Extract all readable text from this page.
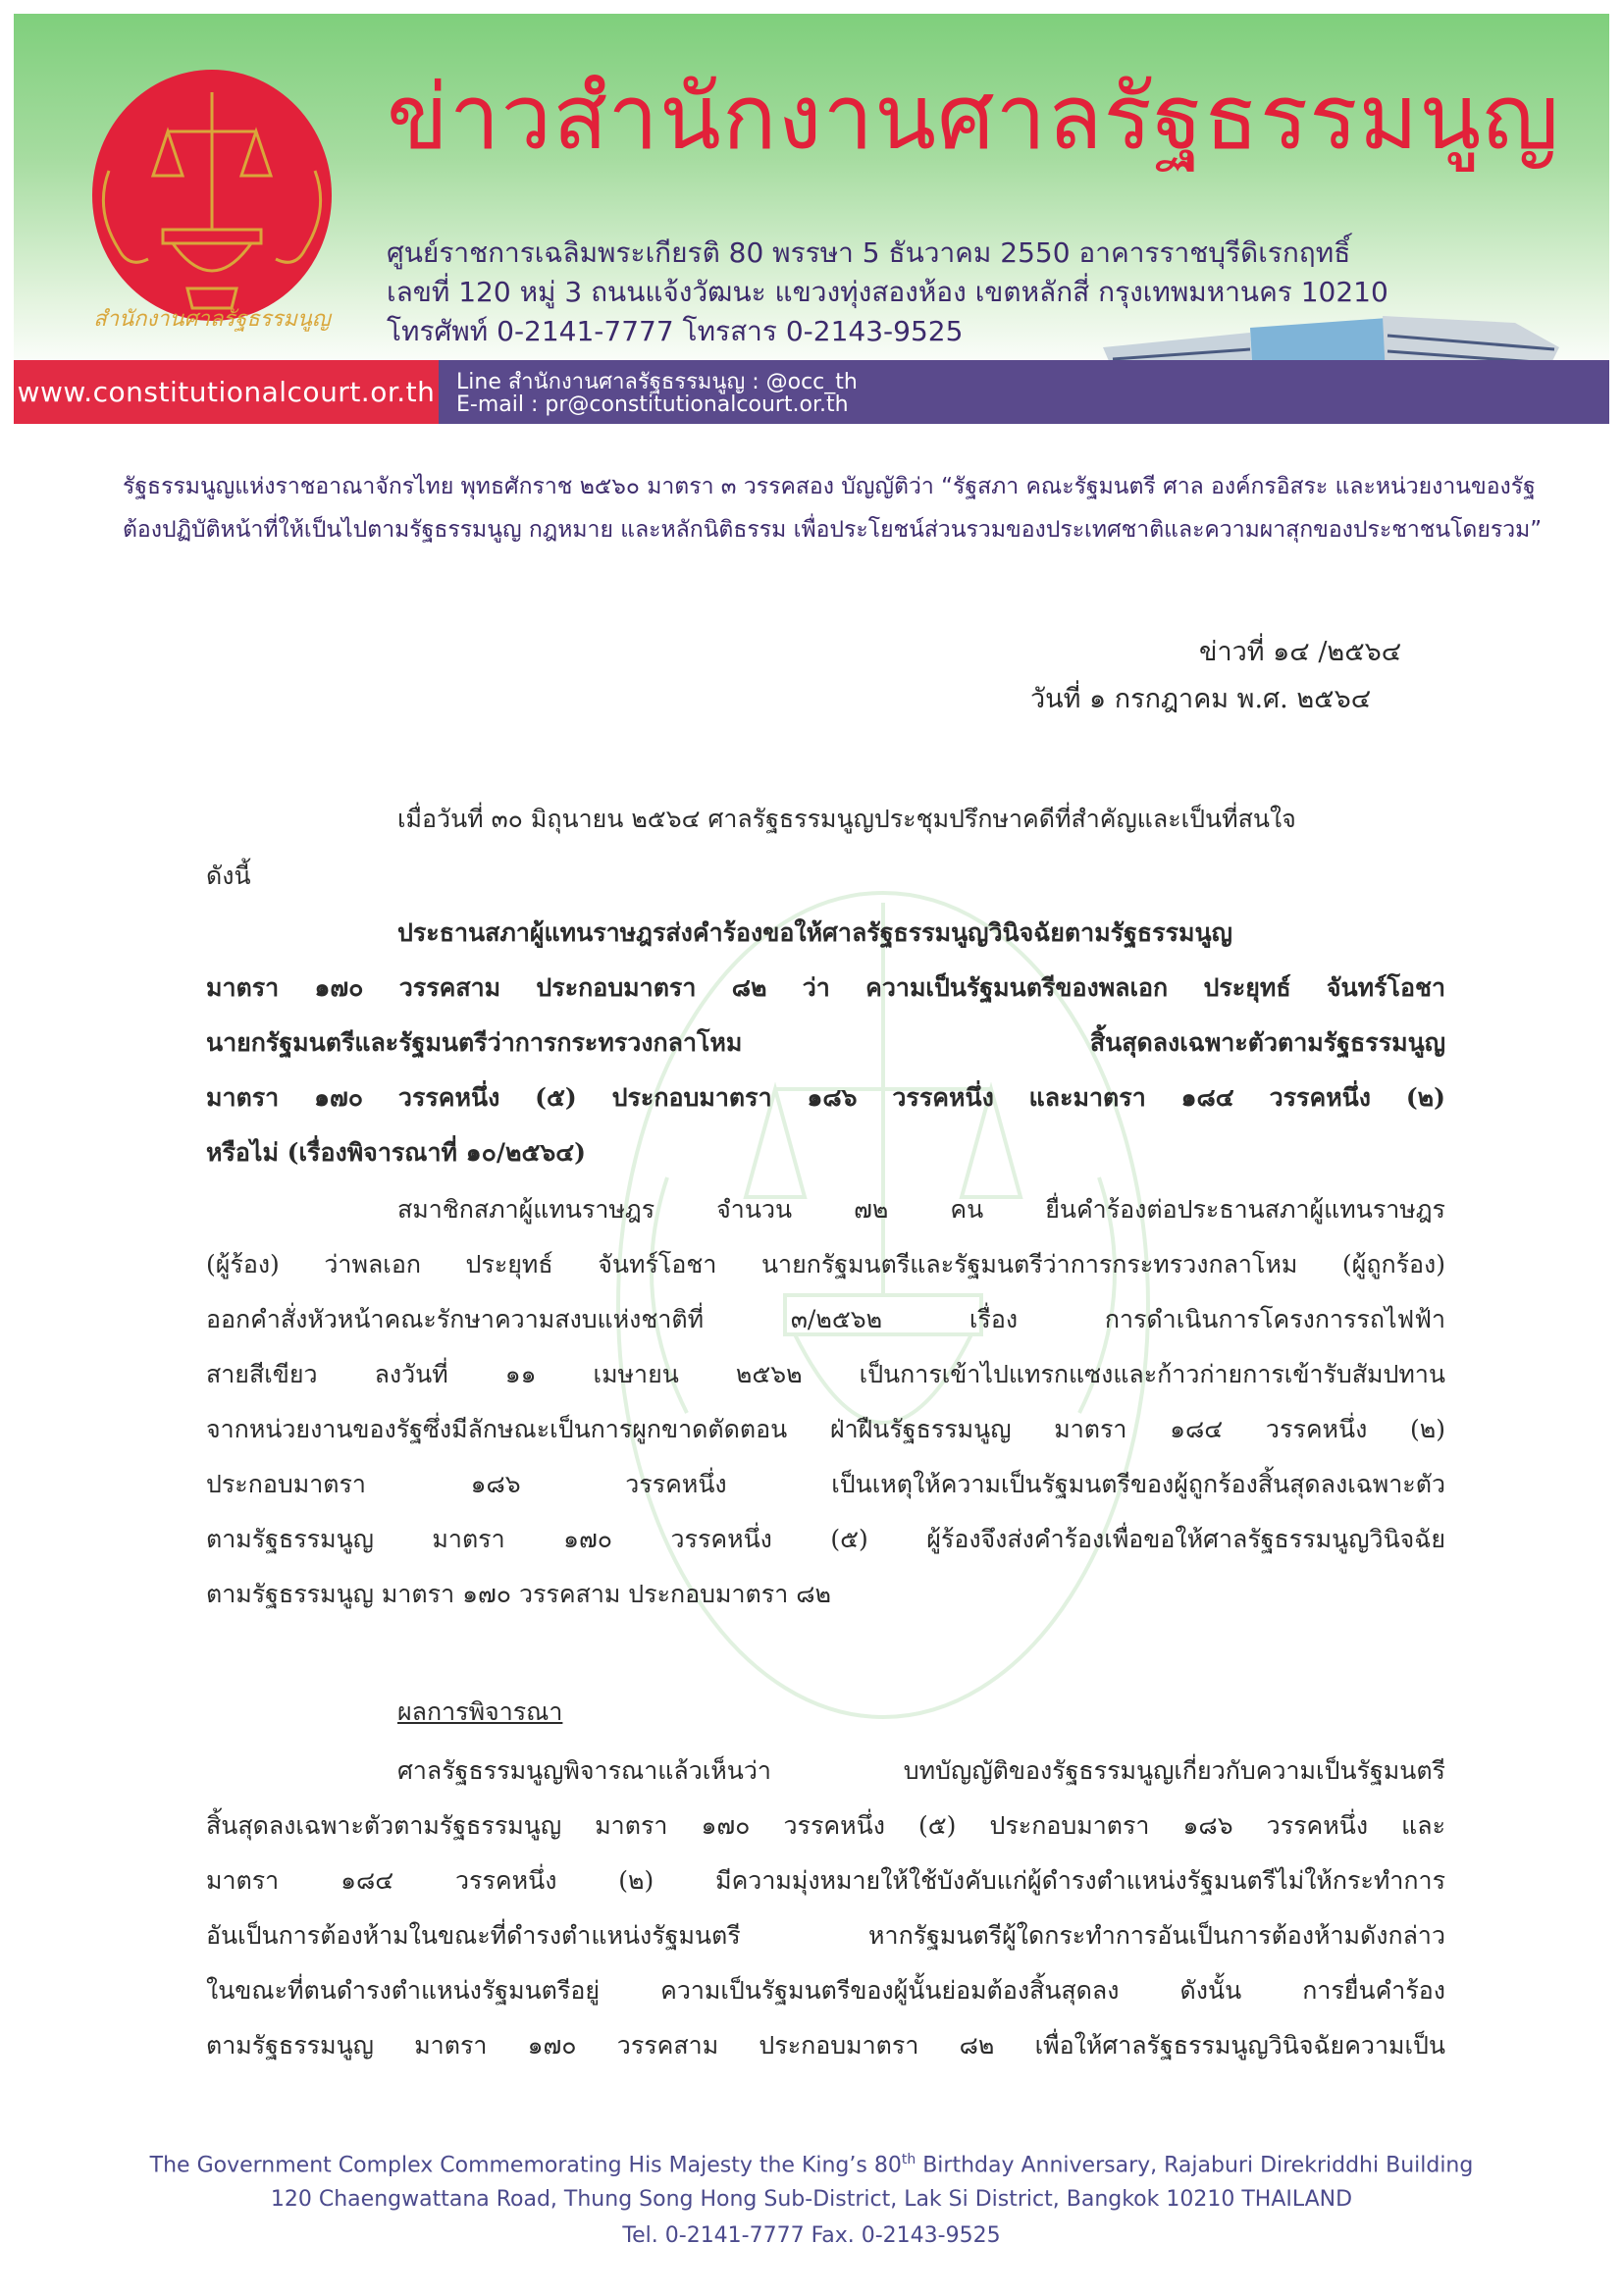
สำนักงานศาลรัฐธรรมนูญ
ข่าวสำนักงานศาลรัฐธรรมนูญ
ศูนย์ราชการเฉลิมพระเกียรติ 80 พรรษา 5 ธันวาคม 2550 อาคารราชบุรีดิเรกฤทธิ์
เลขที่ 120 หมู่ 3 ถนนแจ้งวัฒนะ แขวงทุ่งสองห้อง เขตหลักสี่ กรุงเทพมหานคร 10210
โทรศัพท์ 0-2141-7777 โทรสาร 0-2143-9525
www.constitutionalcourt.or.th Line สำนักงานศาลรัฐธรรมนูญ : @occ_th
E-mail : pr@constitutionalcourt.or.th
รัฐธรรมนูญแห่งราชอาณาจักรไทย พุทธศักราช ๒๕๖๐ มาตรา ๓ วรรคสอง บัญญัติว่า “รัฐสภา คณะรัฐมนตรี ศาล องค์กรอิสระ และหน่วยงานของรัฐ
ต้องปฏิบัติหน้าที่ให้เป็นไปตามรัฐธรรมนูญ กฎหมาย และหลักนิติธรรม เพื่อประโยชน์ส่วนรวมของประเทศชาติและความผาสุกของประชาชนโดยรวม”
ข่าวที่ ๑๔ /๒๕๖๔
วันที่ ๑ กรกฎาคม พ.ศ. ๒๕๖๔
เมื่อวันที่ ๓๐ มิถุนายน ๒๕๖๔ ศาลรัฐธรรมนูญประชุมปรึกษาคดีที่สำคัญและเป็นที่สนใจ
ดังนี้
ประธานสภาผู้แทนราษฎรส่งคำร้องขอให้ศาลรัฐธรรมนูญวินิจฉัยตามรัฐธรรมนูญ
มาตรา ๑๗๐ วรรคสาม ประกอบมาตรา ๘๒ ว่า ความเป็นรัฐมนตรีของพลเอก ประยุทธ์ จันทร์โอชา
นายกรัฐมนตรีและรัฐมนตรีว่าการกระทรวงกลาโหม สิ้นสุดลงเฉพาะตัวตามรัฐธรรมนูญ
มาตรา ๑๗๐ วรรคหนึ่ง (๕) ประกอบมาตรา ๑๘๖ วรรคหนึ่ง และมาตรา ๑๘๔ วรรคหนึ่ง (๒)
หรือไม่ (เรื่องพิจารณาที่ ๑๐/๒๕๖๔)
สมาชิกสภาผู้แทนราษฎร จำนวน ๗๒ คน ยื่นคำร้องต่อประธานสภาผู้แทนราษฎร
(ผู้ร้อง) ว่าพลเอก ประยุทธ์ จันทร์โอชา นายกรัฐมนตรีและรัฐมนตรีว่าการกระทรวงกลาโหม (ผู้ถูกร้อง)
ออกคำสั่งหัวหน้าคณะรักษาความสงบแห่งชาติที่ ๓/๒๕๖๒ เรื่อง การดำเนินการโครงการรถไฟฟ้า
สายสีเขียว ลงวันที่ ๑๑ เมษายน ๒๕๖๒ เป็นการเข้าไปแทรกแซงและก้าวก่ายการเข้ารับสัมปทาน
จากหน่วยงานของรัฐซึ่งมีลักษณะเป็นการผูกขาดตัดตอน ฝ่าฝืนรัฐธรรมนูญ มาตรา ๑๘๔ วรรคหนึ่ง (๒)
ประกอบมาตรา ๑๘๖ วรรคหนึ่ง เป็นเหตุให้ความเป็นรัฐมนตรีของผู้ถูกร้องสิ้นสุดลงเฉพาะตัว
ตามรัฐธรรมนูญ มาตรา ๑๗๐ วรรคหนึ่ง (๕) ผู้ร้องจึงส่งคำร้องเพื่อขอให้ศาลรัฐธรรมนูญวินิจฉัย
ตามรัฐธรรมนูญ มาตรา ๑๗๐ วรรคสาม ประกอบมาตรา ๘๒
ผลการพิจารณา
ศาลรัฐธรรมนูญพิจารณาแล้วเห็นว่า บทบัญญัติของรัฐธรรมนูญเกี่ยวกับความเป็นรัฐมนตรี
สิ้นสุดลงเฉพาะตัวตามรัฐธรรมนูญ มาตรา ๑๗๐ วรรคหนึ่ง (๕) ประกอบมาตรา ๑๘๖ วรรคหนึ่ง และ
มาตรา ๑๘๔ วรรคหนึ่ง (๒) มีความมุ่งหมายให้ใช้บังคับแก่ผู้ดำรงตำแหน่งรัฐมนตรีไม่ให้กระทำการ
อันเป็นการต้องห้ามในขณะที่ดำรงตำแหน่งรัฐมนตรี หากรัฐมนตรีผู้ใดกระทำการอันเป็นการต้องห้ามดังกล่าว
ในขณะที่ตนดำรงตำแหน่งรัฐมนตรีอยู่ ความเป็นรัฐมนตรีของผู้นั้นย่อมต้องสิ้นสุดลง ดังนั้น การยื่นคำร้อง
ตามรัฐธรรมนูญ มาตรา ๑๗๐ วรรคสาม ประกอบมาตรา ๘๒ เพื่อให้ศาลรัฐธรรมนูญวินิจฉัยความเป็น
The Government Complex Commemorating His Majesty the King’s 80th Birthday Anniversary, Rajaburi Direkriddhi Building
120 Chaengwattana Road, Thung Song Hong Sub-District, Lak Si District, Bangkok 10210 THAILAND
Tel. 0-2141-7777 Fax. 0-2143-9525
